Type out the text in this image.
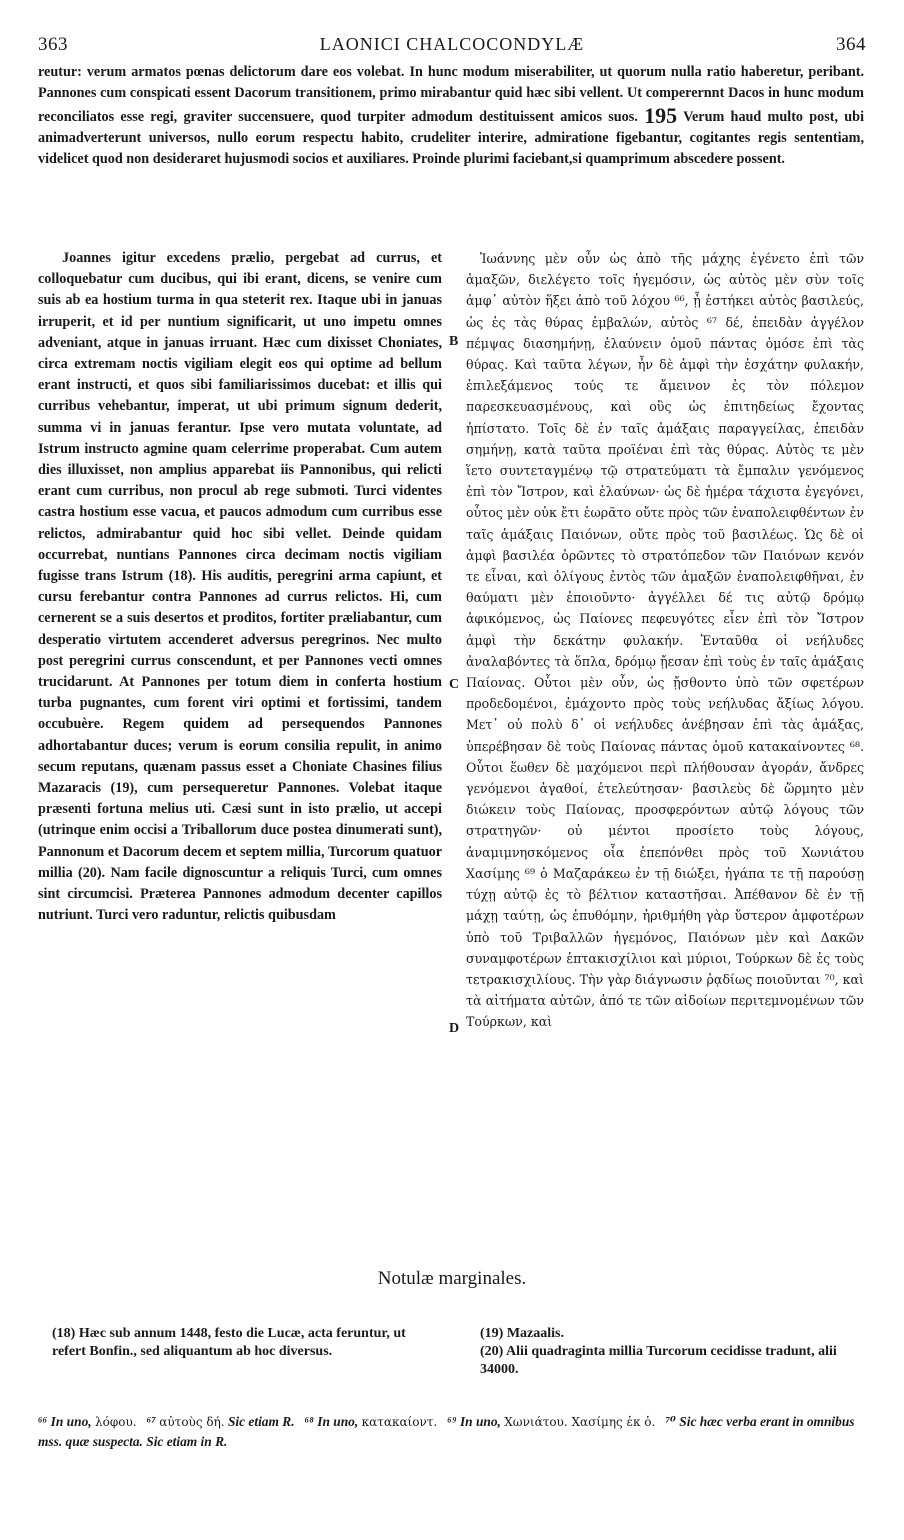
363	LAONICI CHALCOCONDYLÆ	364
reutur: verum armatos pœnas delictorum dare eos volebat. In hunc modum miserabiliter, ut quorum nulla ratio haberetur, peribant. Pannones cum conspicati essent Dacorum transitionem, primo mirabantur quid hæc sibi vellent. Ut comperernnt Dacos in hunc modum reconciliatos esse regi, graviter succensuere, quod turpiter admodum destituissent amicos suos. 195 Verum haud multo post, ubi animadverterunt universos, nullo eorum respectu habito, crudeliter interire, admiratione figebantur, cogitantes regis sententiam, videlicet quod non desideraret hujusmodi socios et auxiliares. Proinde plurimi faciebant,si quamprimum abscedere possent.

Joannes igitur excedens prælio, pergebat ad currus, et colloquebatur cum ducibus, qui ibi erant, dicens, se venire cum suis ab ea hostium turma in qua steterit rex. Itaque ubi in januas irruperit, et id per nuntium significarit, ut uno impetu omnes adveniant, atque in januas irruant. Hæc cum dixisset Choniates, circa extremam noctis vigiliam elegit eos qui optime ad bellum erant instructi, et quos sibi familiarissimos ducebat: et illis qui curribus vehebantur, imperat, ut ubi primum signum dederit, summa vi in januas ferantur. Ipse vero mutata voluntate, ad Istrum instructo agmine quam celerrime properabat. Cum autem dies illuxisset, non amplius apparebat iis Pannonibus, qui relicti erant cum curribus, non procul ab rege submoti. Turci videntes castra hostium esse vacua, et paucos admodum cum curribus esse relictos, admirabantur quid hoc sibi vellet. Deinde quidam occurrebat, nuntians Pannones circa decimam noctis vigiliam fugisse trans Istrum (18). His auditis, peregrini arma capiunt, et cursu ferebantur contra Pannones ad currus relictos. Hi, cum cernerent se a suis desertos et proditos, fortiter præliabantur, cum desperatio virtutem accenderet adversus peregrinos. Nec multo post peregrini currus conscendunt, et per Pannones vecti omnes trucidarunt. At Pannones per totum diem in conferta hostium turba pugnantes, cum forent viri optimi et fortissimi, tandem occubuère. Regem quidem ad persequendos Pannones adhortabantur duces; verum is eorum consilia repulit, in animo secum reputans, quænam passus esset a Choniate Chasines filius Mazaracis (19), cum persequeretur Pannones. Volebat itaque præsenti fortuna melius uti. Cæsi sunt in isto prælio, ut accepi (utrinque enim occisi a Triballorum duce postea dinumerati sunt), Pannonum et Dacorum decem et septem millia, Turcorum quatuor millia (20). Nam facile dignoscuntur a reliquis Turci, cum omnes sint circumcisi. Præterea Pannones admodum decenter capillos nutriunt. Turci vero raduntur, relictis quibusdam

B
C
D

Ἰωάννης μὲν οὖν ὡς ἀπὸ τῆς μάχης ἐγένετο ἐπὶ τῶν ἁμαξῶν, διελέγετο τοῖς ἡγεμόσιν, ὡς αὐτὸς μὲν σὺν τοῖς ἀμφ᾽ αὐτὸν ἥξει ἀπὸ τοῦ λόχου ⁶⁶, ᾗ ἑστήκει αὐτὸς βασιλεύς, ὡς ἐς τὰς θύρας ἐμβαλών, αὐτὸς ⁶⁷ δέ, ἐπειδὰν ἀγγέλον πέμψας διασημήνῃ, ἐλαύνειν ὁμοῦ πάντας ὁμόσε ἐπὶ τὰς θύρας. Καὶ ταῦτα λέγων, ἦν δὲ ἀμφὶ τὴν ἐσχάτην φυλακήν, ἐπιλεξάμενος τούς τε ἄμεινον ἐς τὸν πόλεμον παρεσκευασμένους, καὶ οὓς ὡς ἐπιτηδείως ἔχοντας ἠπίστατο. Τοῖς δὲ ἐν ταῖς ἁμάξαις παραγγείλας, ἐπειδὰν σημήνῃ, κατὰ ταῦτα προϊέναι ἐπὶ τὰς θύρας. Αὐτὸς τε μὲν ἵετο συντεταγμένῳ τῷ στρατεύματι τὰ ἔμπαλιν γενόμενος ἐπὶ τὸν Ἴστρον, καὶ ἐλαύνων· ὡς δὲ ἡμέρα τάχιστα ἐγεγόνει, οὗτος μὲν οὐκ ἔτι ἑωρᾶτο οὔτε πρὸς τῶν ἐναπολειφθέντων ἐν ταῖς ἁμάξαις Παιόνων, οὔτε πρὸς τοῦ βασιλέως. Ὡς δὲ οἱ ἀμφὶ βασιλέα ὁρῶντες τὸ στρατόπεδον τῶν Παιόνων κενόν τε εἶναι, καὶ ὀλίγους ἐντὸς τῶν ἁμαξῶν ἐναπολειφθῆναι, ἐν θαύματι μὲν ἐποιοῦντο· ἀγγέλλει δέ τις αὐτῷ δρόμῳ ἀφικόμενος, ὡς Παίονες πεφευγότες εἶεν ἐπὶ τὸν Ἴστρον ἀμφὶ τὴν δεκάτην φυλακήν. Ἐνταῦθα οἱ νεήλυδες ἀναλαβόντες τὰ ὅπλα, δρόμῳ ᾔεσαν ἐπὶ τοὺς ἐν ταῖς ἁμάξαις Παίονας. Οὗτοι μὲν οὖν, ὡς ᾔσθοντο ὑπὸ τῶν σφετέρων προδεδομένοι, ἐμάχοντο πρὸς τοὺς νεήλυδας ἄξίως λόγου. Μετ᾽ οὐ πολὺ δ᾽ οἱ νεήλυδες ἀνέβησαν ἐπὶ τὰς ἁμάξας, ὑπερέβησαν δὲ τοὺς Παίονας πάντας ὁμοῦ κατακαίνοντες ⁶⁸. Οὗτοι ἕωθεν δὲ μαχόμενοι περὶ πλήθουσαν ἀγοράν, ἄνδρες γενόμενοι ἀγαθοί, ἐτελεύτησαν· βασιλεὺς δὲ ὥρμητο μὲν διώκειν τοὺς Παίονας, προσφερόντων αὐτῷ λόγους τῶν στρατηγῶν· οὐ μέντοι προσίετο τοὺς λόγους, ἀναμιμνησκόμενος οἷα ἐπεπόνθει πρὸς τοῦ Χωνιάτου Χασίμης ⁶⁹ ὁ Μαζαράκεω ἐν τῇ διώξει, ἠγάπα τε τῇ παρούσῃ τύχῃ αὐτῷ ἐς τὸ βέλτιον καταστῆσαι. Ἀπέθανον δὲ ἐν τῇ μάχῃ ταύτῃ, ὡς ἐπυθόμην, ἠριθμήθη γὰρ ὕστερον ἀμφοτέρων ὑπὸ τοῦ Τριβαλλῶν ἡγεμόνος, Παιόνων μὲν καὶ Δακῶν συναμφοτέρων ἑπτακισχίλιοι καὶ μύριοι, Τούρκων δὲ ἐς τοὺς τετρακισχιλίους. Τὴν γὰρ διάγνωσιν ῥᾳδίως ποιοῦνται ⁷⁰, καὶ τὰ αἰτήματα αὐτῶν, ἀπό τε τῶν αἰδοίων περιτεμνομένων τῶν Τούρκων, καὶ

Notulæ marginales.

(18) Hæc sub annum 1448, festo die Lucæ, acta feruntur, ut refert Bonfin., sed aliquantum ab hoc diversus.

(19) Mazaalis.

(20) Alii quadraginta millia Turcorum cecidisse tradunt, alii 34000.

⁶⁶ In uno, λόφου. ⁶⁷ αὐτοὺς δή. Sic etiam R. ⁶⁸ In uno, κατακαίοντ. ⁶⁹ In uno, Χωνιάτου. Χασίμης ἐκ ὁ. ⁷⁰ Sic hæc verba erant in omnibus mss. quæ suspecta. Sic etiam in R.
